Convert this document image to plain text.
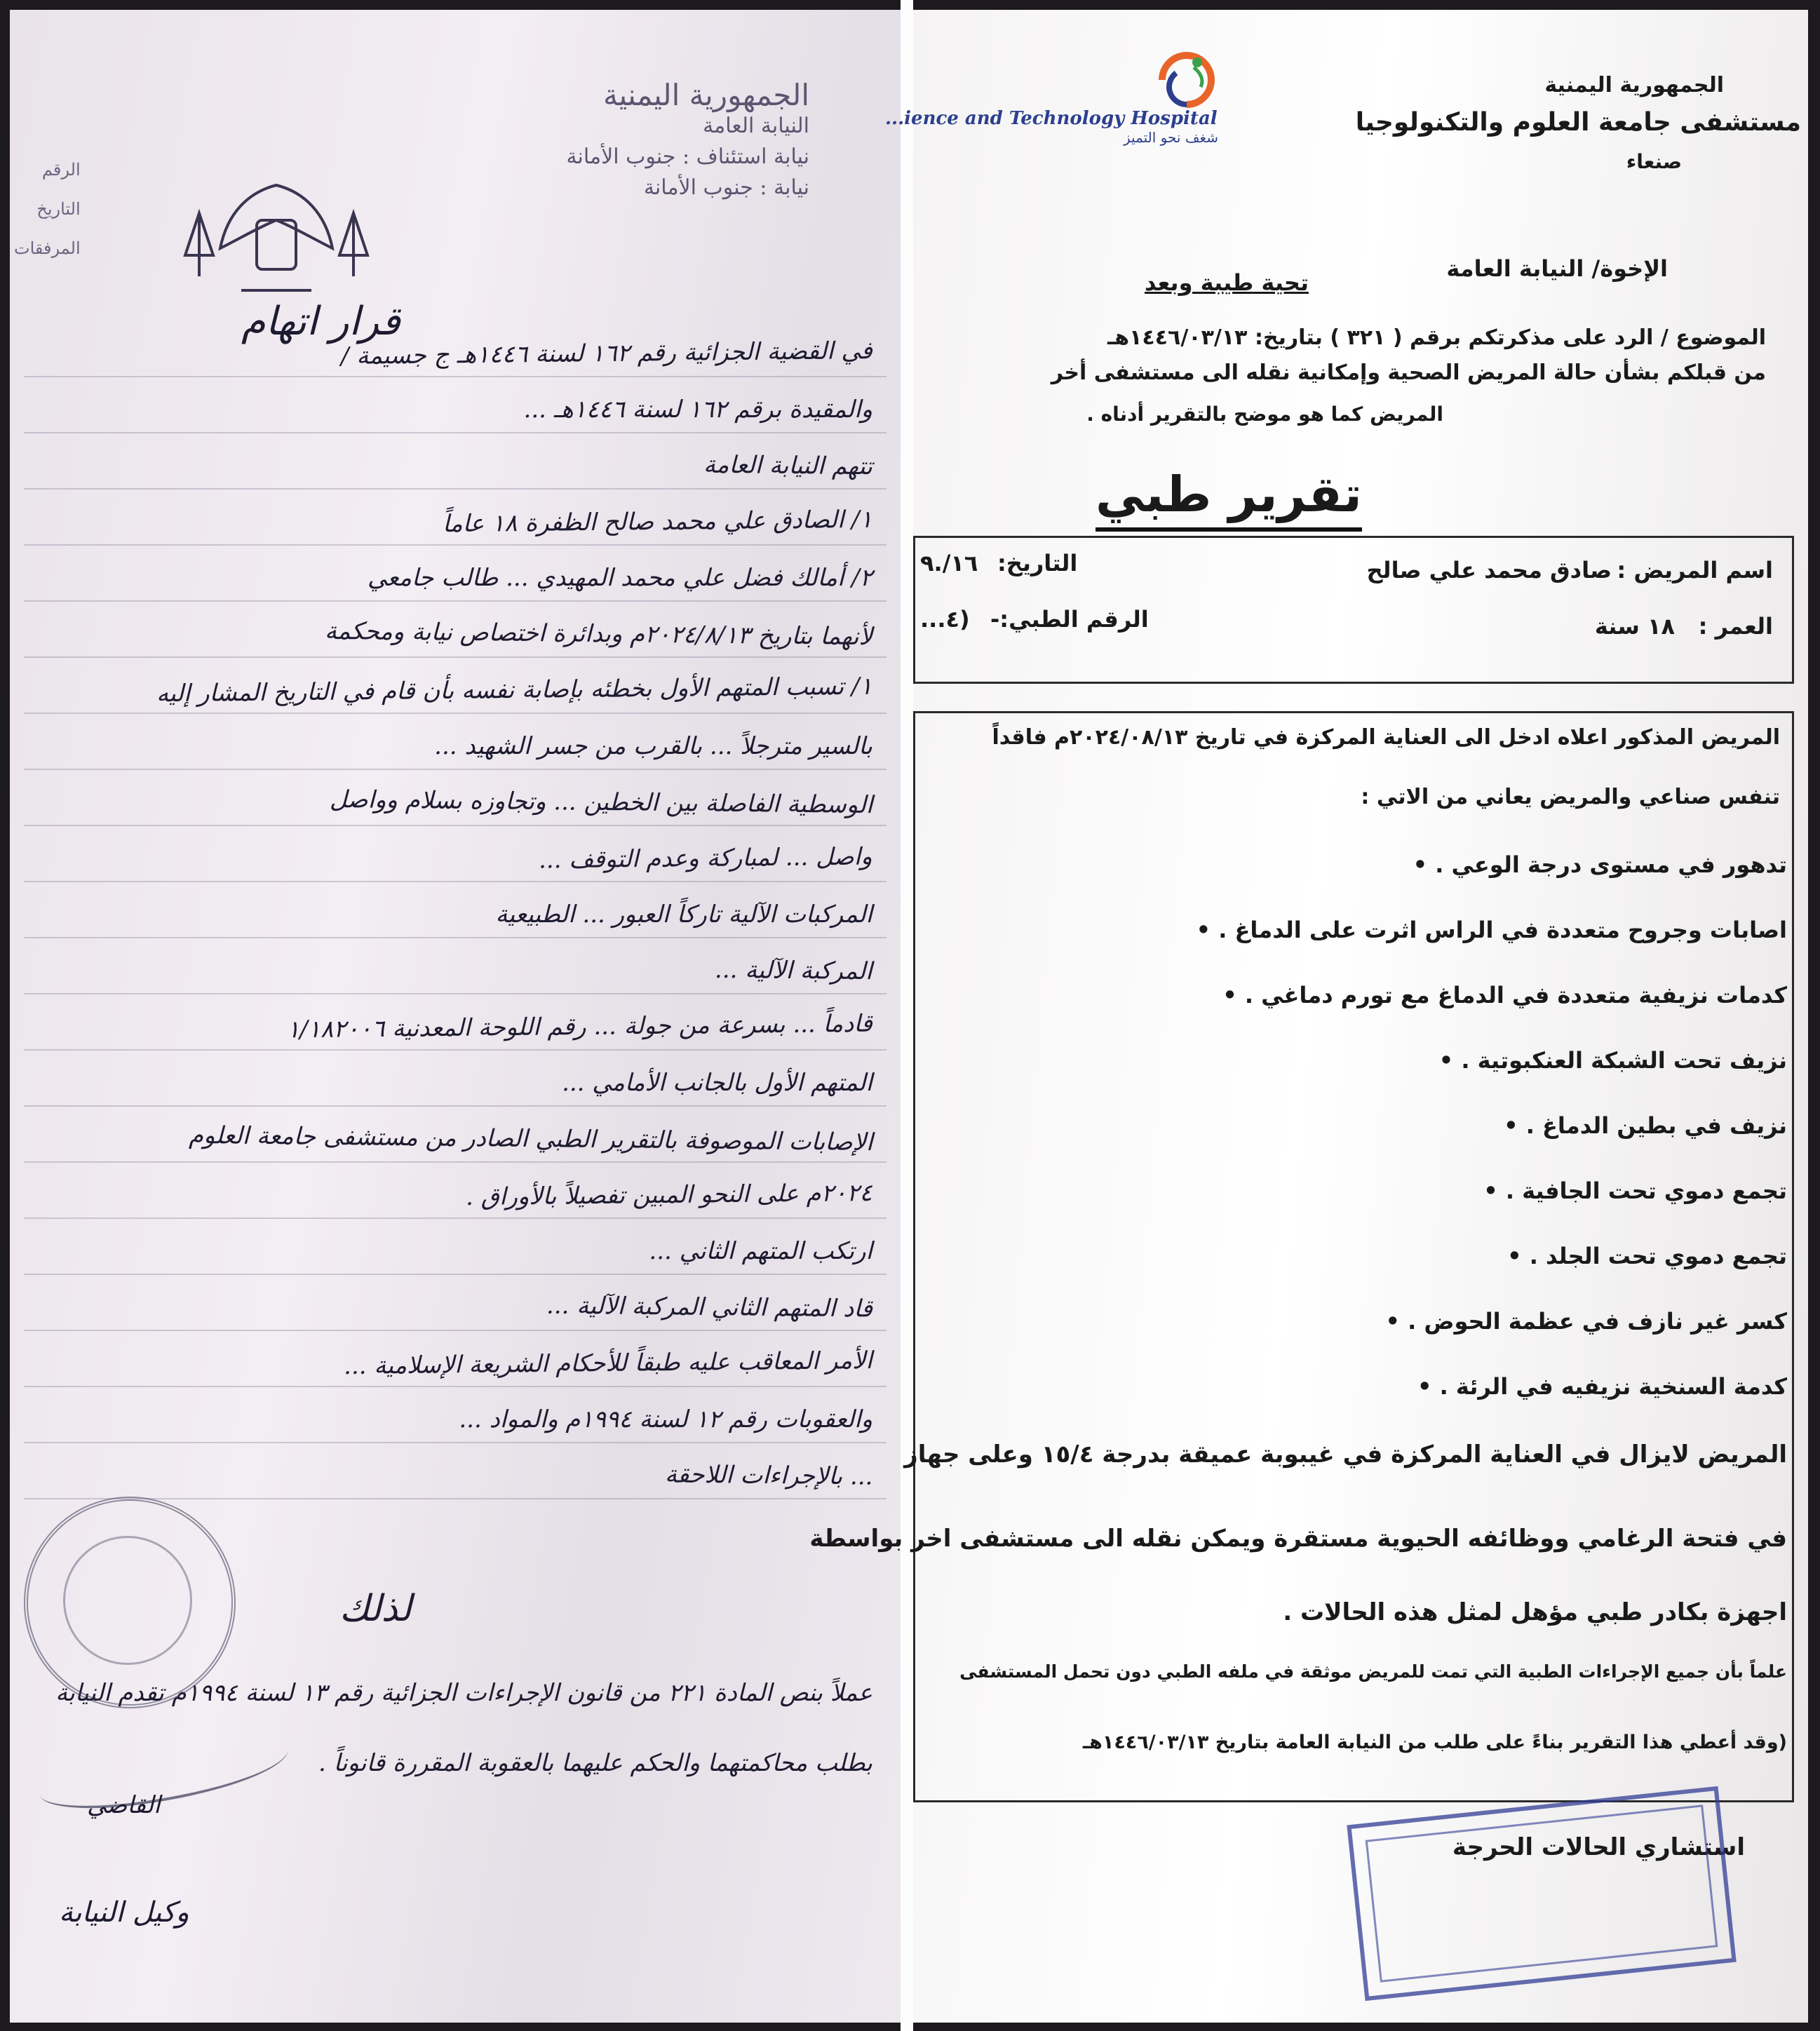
الجمهورية اليمنية
النيابة العامة
نيابة استئناف : جنوب الأمانة
نيابة : جنوب الأمانة
الرقم
التاريخ
المرفقات
قرار اتهام
في القضية الجزائية رقم ١٦٢ لسنة ١٤٤٦هـ ج جسيمة /
والمقيدة برقم ١٦٢ لسنة ١٤٤٦هـ ...
تتهم النيابة العامة
١/ الصادق علي محمد صالح الظفرة ١٨ عاماً
٢/ أمالك فضل علي محمد المهيدي ... طالب جامعي
لأنهما بتاريخ ٢٠٢٤/٨/١٣م وبدائرة اختصاص نيابة ومحكمة
١/ تسبب المتهم الأول بخطئه بإصابة نفسه بأن قام في التاريخ المشار إليه
بالسير مترجلاً ... بالقرب من جسر الشهيد ...
الوسطية الفاصلة بين الخطين ... وتجاوزه بسلام وواصل
واصل ... لمباركة وعدم التوقف ...
المركبات الآلية تاركاً العبور ... الطبيعية
المركبة الآلية ...
قادماً ... بسرعة من جولة ... رقم اللوحة المعدنية ١/١٨٢٠٠٦
المتهم الأول بالجانب الأمامي ...
الإصابات الموصوفة بالتقرير الطبي الصادر من مستشفى جامعة العلوم
٢٠٢٤م على النحو المبين تفصيلاً بالأوراق .
ارتكب المتهم الثاني ...
قاد المتهم الثاني المركبة الآلية ...
الأمر المعاقب عليه طبقاً للأحكام الشريعة الإسلامية ...
والعقوبات رقم ١٢ لسنة ١٩٩٤م والمواد ...
... بالإجراءات اللاحقة
لذلك
عملاً بنص المادة ٢٢١ من قانون الإجراءات الجزائية رقم ١٣ لسنة ١٩٩٤م تقدم النيابة
بطلب محاكمتهما والحكم عليهما بالعقوبة المقررة قانوناً .
القاضي
وكيل النيابة
الجمهورية اليمنية
مستشفى جامعة العلوم والتكنولوجيا
صنعاء
شغف نحو التميز
...ience and Technology Hospital
الإخوة/ النيابة العامة
تحية طيبة وبعد
الموضوع / الرد على مذكرتكم برقم ( ٣٢١ ) بتاريخ: ١٤٤٦/٠٣/١٣هـ
من قبلكم بشأن حالة المريض الصحية وإمكانية نقله الى مستشفى أخر
المريض كما هو موضح بالتقرير أدناه .
تقرير طبي
اسم المريض :
صادق محمد علي صالح
العمر :
١٨ سنة
التاريخ:
١٦/.٩
الرقم الطبي:-
(٤...
المريض المذكور اعلاه ادخل الى العناية المركزة في تاريخ ٢٠٢٤/٠٨/١٣م فاقداً
تنفس صناعي والمريض يعاني من الاتي :
تدهور في مستوى درجة الوعي . •
اصابات وجروح متعددة في الراس اثرت على الدماغ . •
كدمات نزيفية متعددة في الدماغ مع تورم دماغي . •
نزيف تحت الشبكة العنكبوتية . •
نزيف في بطين الدماغ . •
تجمع دموي تحت الجافية . •
تجمع دموي تحت الجلد . •
كسر غير نازف في عظمة الحوض . •
كدمة السنخية نزيفيه في الرئة . •
المريض لايزال في العناية المركزة في غيبوبة عميقة بدرجة ١٥/٤ وعلى جهاز
في فتحة الرغامي ووظائفه الحيوية مستقرة ويمكن نقله الى مستشفى اخر بواسطة
اجهزة بكادر طبي مؤهل لمثل هذه الحالات .
علماً بأن جميع الإجراءات الطبية التي تمت للمريض موثقة في ملفه الطبي دون تحمل المستشفى
(وقد أعطي هذا التقرير بناءً على طلب من النيابة العامة بتاريخ ١٤٤٦/٠٣/١٣هـ
استشاري الحالات الحرجة
